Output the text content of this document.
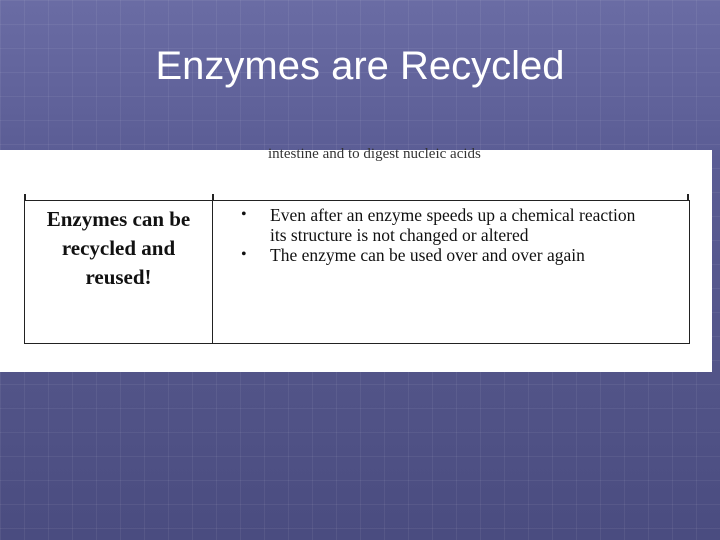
Enzymes are Recycled
intestine and to digest nucleic acids
Enzymes can be
recycled and
reused!
• Even after an enzyme speeds up a chemical reaction
its structure is not changed or altered
• The enzyme can be used over and over again
